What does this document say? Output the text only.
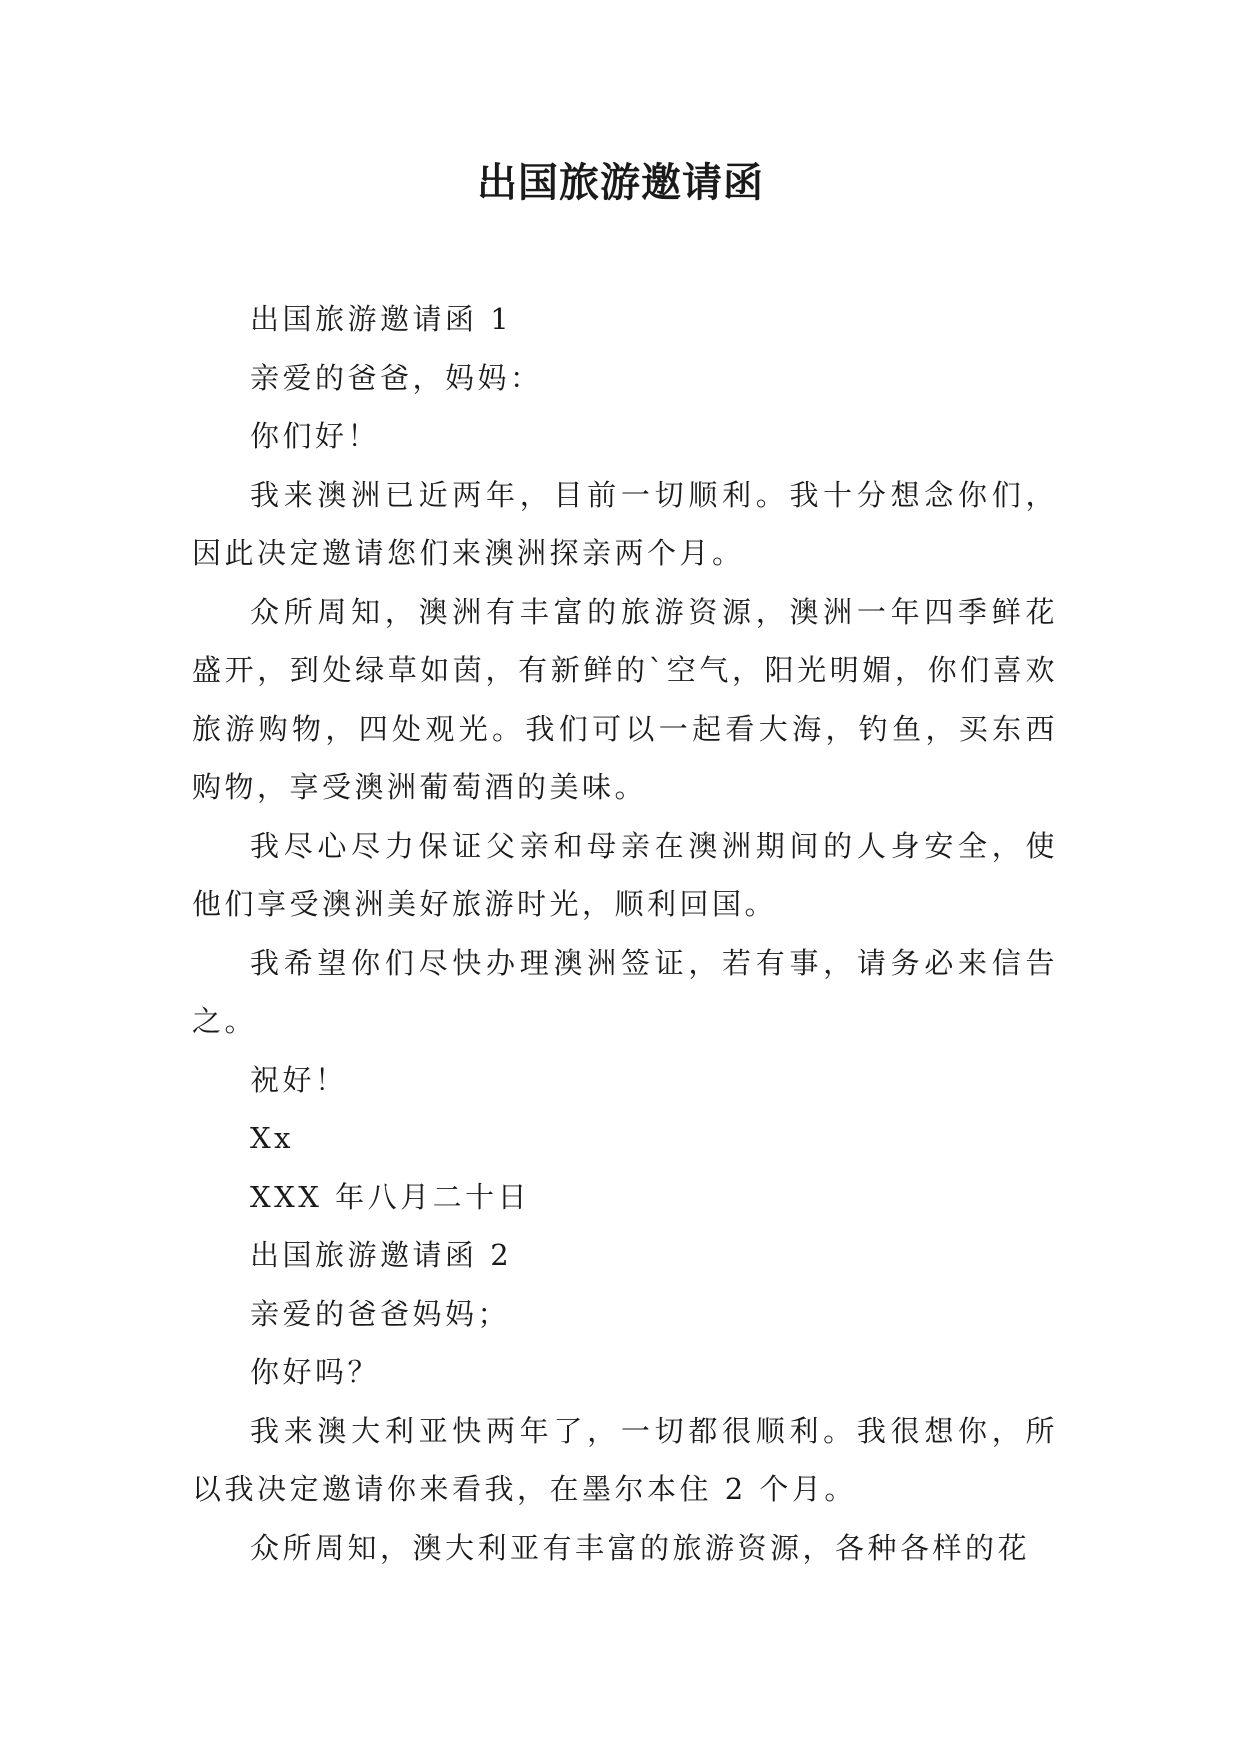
出国旅游邀请函

出国旅游邀请函 1

亲爱的爸爸，妈妈：

你们好！

我来澳洲已近两年，目前一切顺利。我十分想念你们，因此决定邀请您们来澳洲探亲两个月。

众所周知，澳洲有丰富的旅游资源，澳洲一年四季鲜花盛开，到处绿草如茵，有新鲜的`空气，阳光明媚，你们喜欢旅游购物，四处观光。我们可以一起看大海，钓鱼，买东西购物，享受澳洲葡萄酒的美味。

我尽心尽力保证父亲和母亲在澳洲期间的人身安全，使他们享受澳洲美好旅游时光，顺利回国。

我希望你们尽快办理澳洲签证，若有事，请务必来信告之。

祝好！

Xx

XXX 年八月二十日

出国旅游邀请函 2

亲爱的爸爸妈妈；

你好吗？

我来澳大利亚快两年了，一切都很顺利。我很想你，所以我决定邀请你来看我，在墨尔本住 2 个月。

众所周知，澳大利亚有丰富的旅游资源，各种各样的花
